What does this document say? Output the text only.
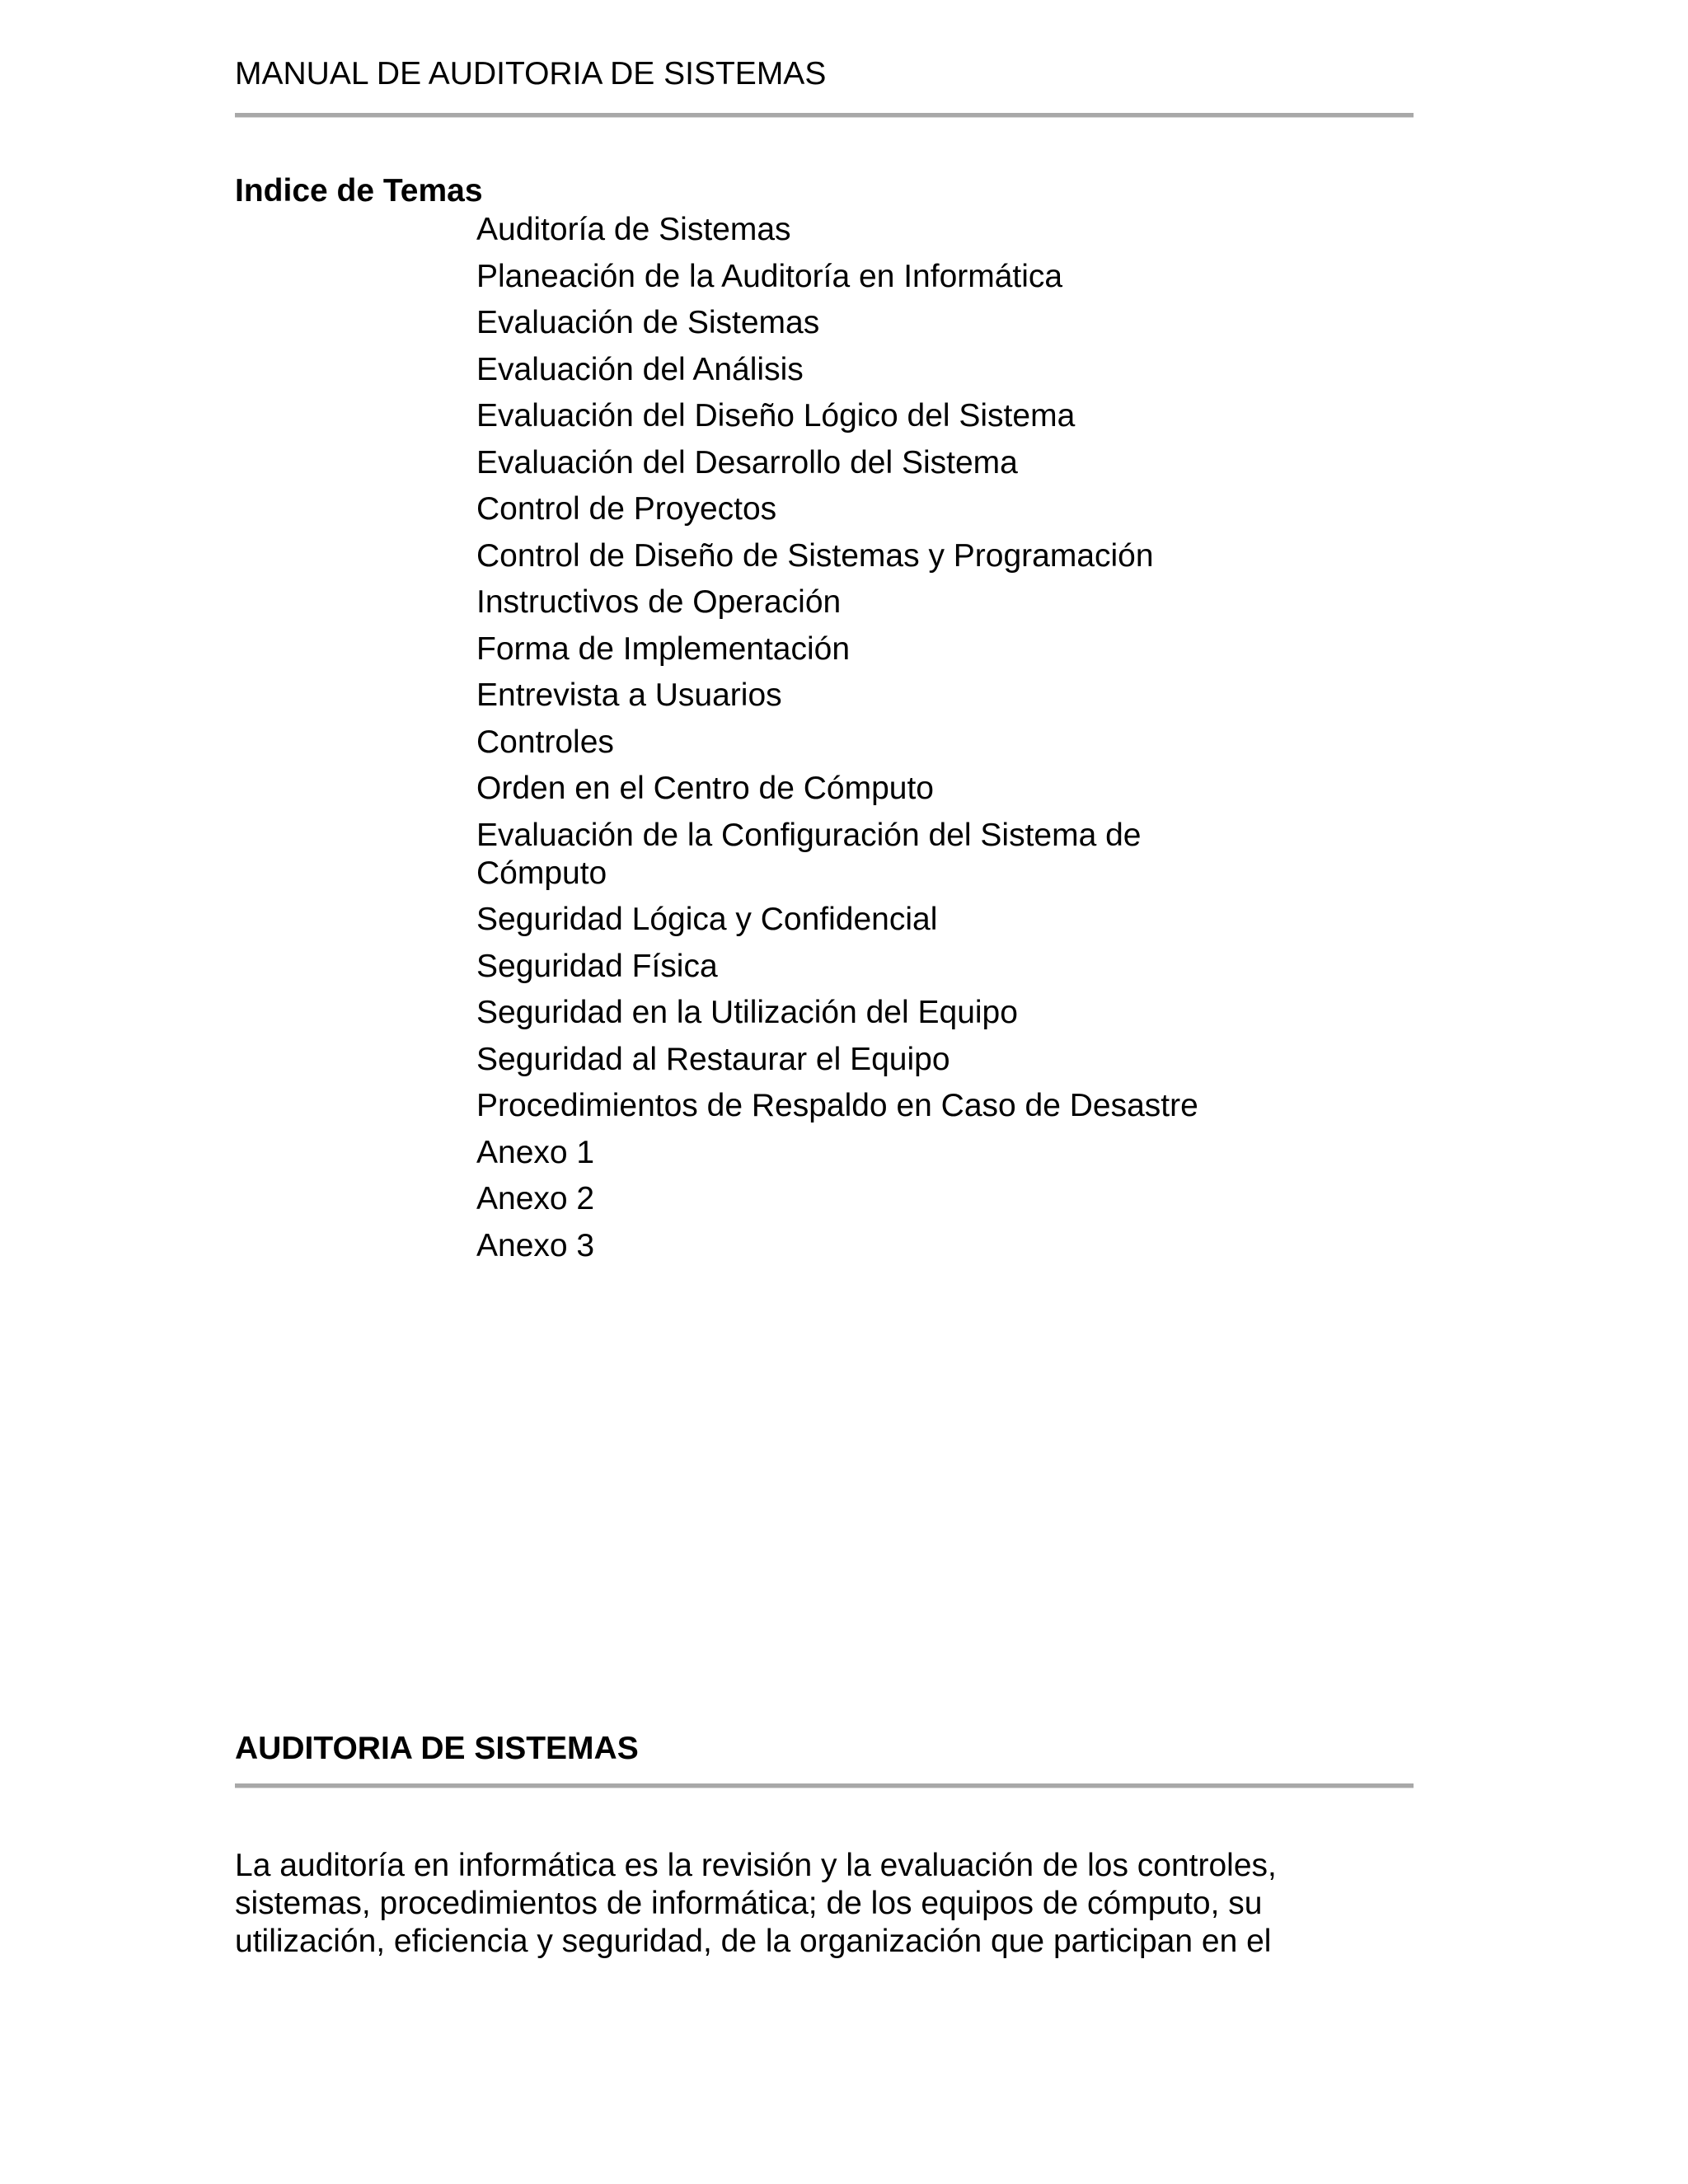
MANUAL DE AUDITORIA DE SISTEMAS
Indice de Temas
Auditoría de Sistemas
Planeación de la Auditoría en Informática
Evaluación de Sistemas
Evaluación del Análisis
Evaluación del Diseño Lógico del Sistema
Evaluación del Desarrollo del Sistema
Control de Proyectos
Control de Diseño de Sistemas y Programación
Instructivos de Operación
Forma de Implementación
Entrevista a Usuarios
Controles
Orden en el Centro de Cómputo
Evaluación de la Configuración del Sistema de Cómputo
Seguridad Lógica y Confidencial
Seguridad Física
Seguridad en la Utilización del Equipo
Seguridad al Restaurar el Equipo
Procedimientos de Respaldo en Caso de Desastre
Anexo 1
Anexo 2
Anexo 3
AUDITORIA DE SISTEMAS

La auditoría en informática es la revisión y la evaluación de los controles,
sistemas, procedimientos de informática; de los equipos de cómputo, su
utilización, eficiencia y seguridad, de la organización que participan en el
